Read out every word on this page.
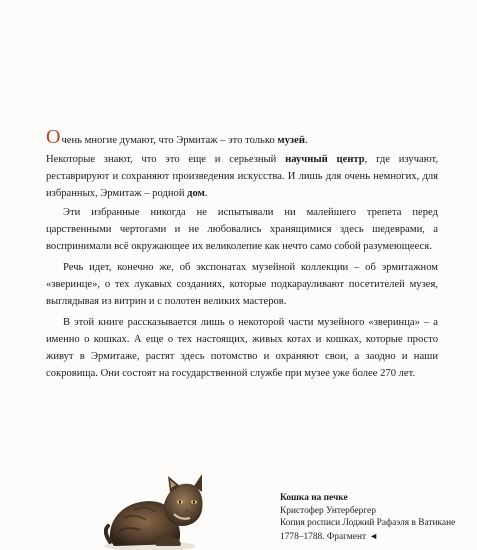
Очень многие думают, что Эрмитаж – это только музей.

Некоторые знают, что это еще и серьезный научный центр, где изучают, реставрируют и сохраняют произведения искусства. И лишь для очень немногих, для избранных, Эрмитаж – родной дом.

Эти избранные никогда не испытывали ни малейшего трепета перед царственными чертогами и не любовались хранящимися здесь шедеврами, а воспринимали всё окружающее их великолепие как нечто само собой разумеющееся.

Речь идет, конечно же, об экспонатах музейной коллекции – об эрмитажном «зверинце», о тех лукавых созданиях, которые подкарауливают посетителей музея, выглядывая из витрин и с полотен великих мастеров.

В этой книге рассказывается лишь о некоторой части музейного «зверинца» – а именно о кошках. А еще о тех настоящих, живых котах и кошках, которые просто живут в Эрмитаже, растят здесь потомство и охраняют свои, а заодно и наши сокровища. Они состоят на государственной службе при музее уже более 270 лет.

Кошка на печке
Кристофер Унтербергер
Копия росписи Лоджий Рафаэля в Ватикане
1778–1788. Фрагмент ◄
